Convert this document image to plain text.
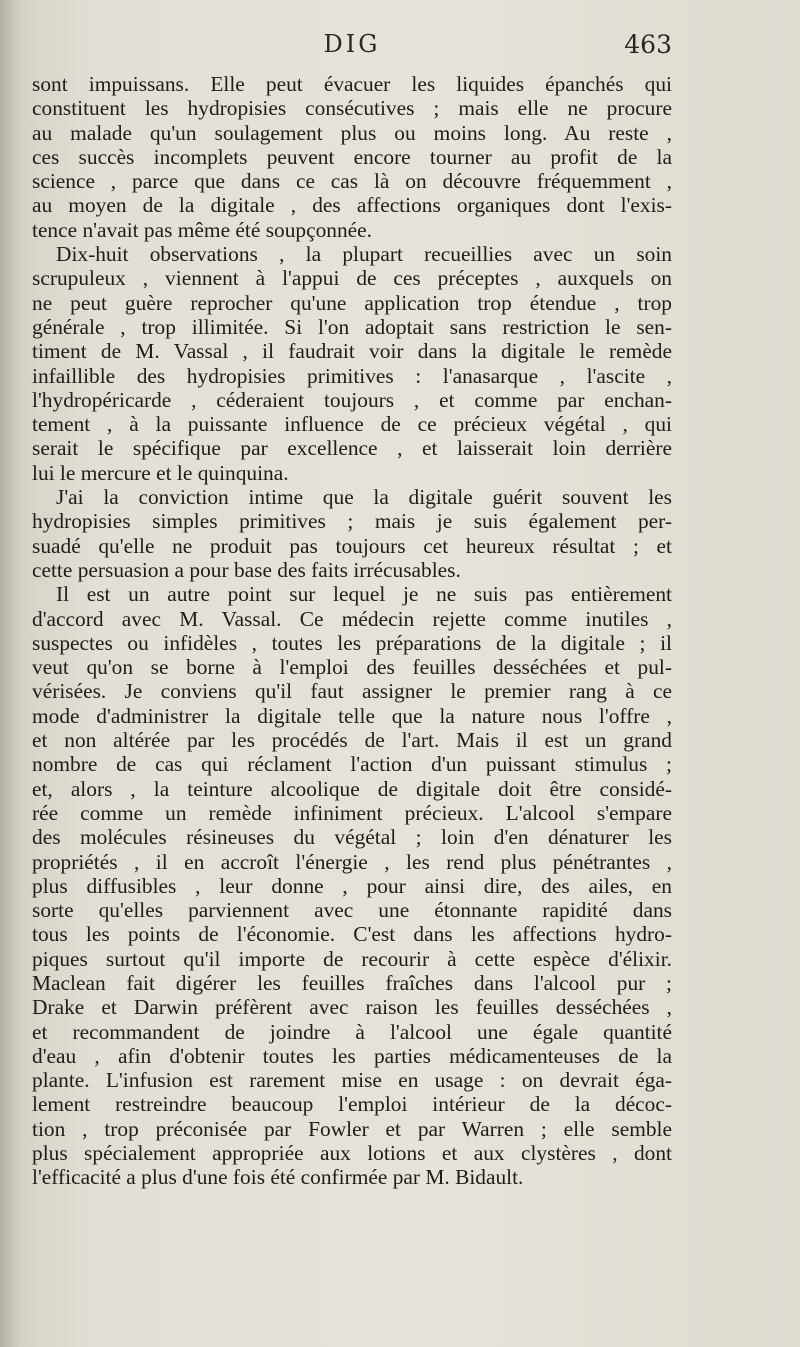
DIG	463
sont impuissans. Elle peut évacuer les liquides épanchés qui
constituent les hydropisies consécutives ; mais elle ne procure
au malade qu'un soulagement plus ou moins long. Au reste ,
ces succès incomplets peuvent encore tourner au profit de la
science , parce que dans ce cas là on découvre fréquemment ,
au moyen de la digitale , des affections organiques dont l'exis-
tence n'avait pas même été soupçonnée.
Dix-huit observations , la plupart recueillies avec un soin
scrupuleux , viennent à l'appui de ces préceptes , auxquels on
ne peut guère reprocher qu'une application trop étendue , trop
générale , trop illimitée. Si l'on adoptait sans restriction le sen-
timent de M. Vassal , il faudrait voir dans la digitale le remède
infaillible des hydropisies primitives : l'anasarque , l'ascite ,
l'hydropéricarde , céderaient toujours , et comme par enchan-
tement , à la puissante influence de ce précieux végétal , qui
serait le spécifique par excellence , et laisserait loin derrière
lui le mercure et le quinquina.
J'ai la conviction intime que la digitale guérit souvent les
hydropisies simples primitives ; mais je suis également per-
suadé qu'elle ne produit pas toujours cet heureux résultat ; et
cette persuasion a pour base des faits irrécusables.
Il est un autre point sur lequel je ne suis pas entièrement
d'accord avec M. Vassal. Ce médecin rejette comme inutiles ,
suspectes ou infidèles , toutes les préparations de la digitale ; il
veut qu'on se borne à l'emploi des feuilles desséchées et pul-
vérisées. Je conviens qu'il faut assigner le premier rang à ce
mode d'administrer la digitale telle que la nature nous l'offre ,
et non altérée par les procédés de l'art. Mais il est un grand
nombre de cas qui réclament l'action d'un puissant stimulus ;
et, alors , la teinture alcoolique de digitale doit être considé-
rée comme un remède infiniment précieux. L'alcool s'empare
des molécules résineuses du végétal ; loin d'en dénaturer les
propriétés , il en accroît l'énergie , les rend plus pénétrantes ,
plus diffusibles , leur donne , pour ainsi dire, des ailes, en
sorte qu'elles parviennent avec une étonnante rapidité dans
tous les points de l'économie. C'est dans les affections hydro-
piques surtout qu'il importe de recourir à cette espèce d'élixir.
Maclean fait digérer les feuilles fraîches dans l'alcool pur ;
Drake et Darwin préfèrent avec raison les feuilles desséchées ,
et recommandent de joindre à l'alcool une égale quantité
d'eau , afin d'obtenir toutes les parties médicamenteuses de la
plante. L'infusion est rarement mise en usage : on devrait éga-
lement restreindre beaucoup l'emploi intérieur de la décoc-
tion , trop préconisée par Fowler et par Warren ; elle semble
plus spécialement appropriée aux lotions et aux clystères , dont
l'efficacité a plus d'une fois été confirmée par M. Bidault.
